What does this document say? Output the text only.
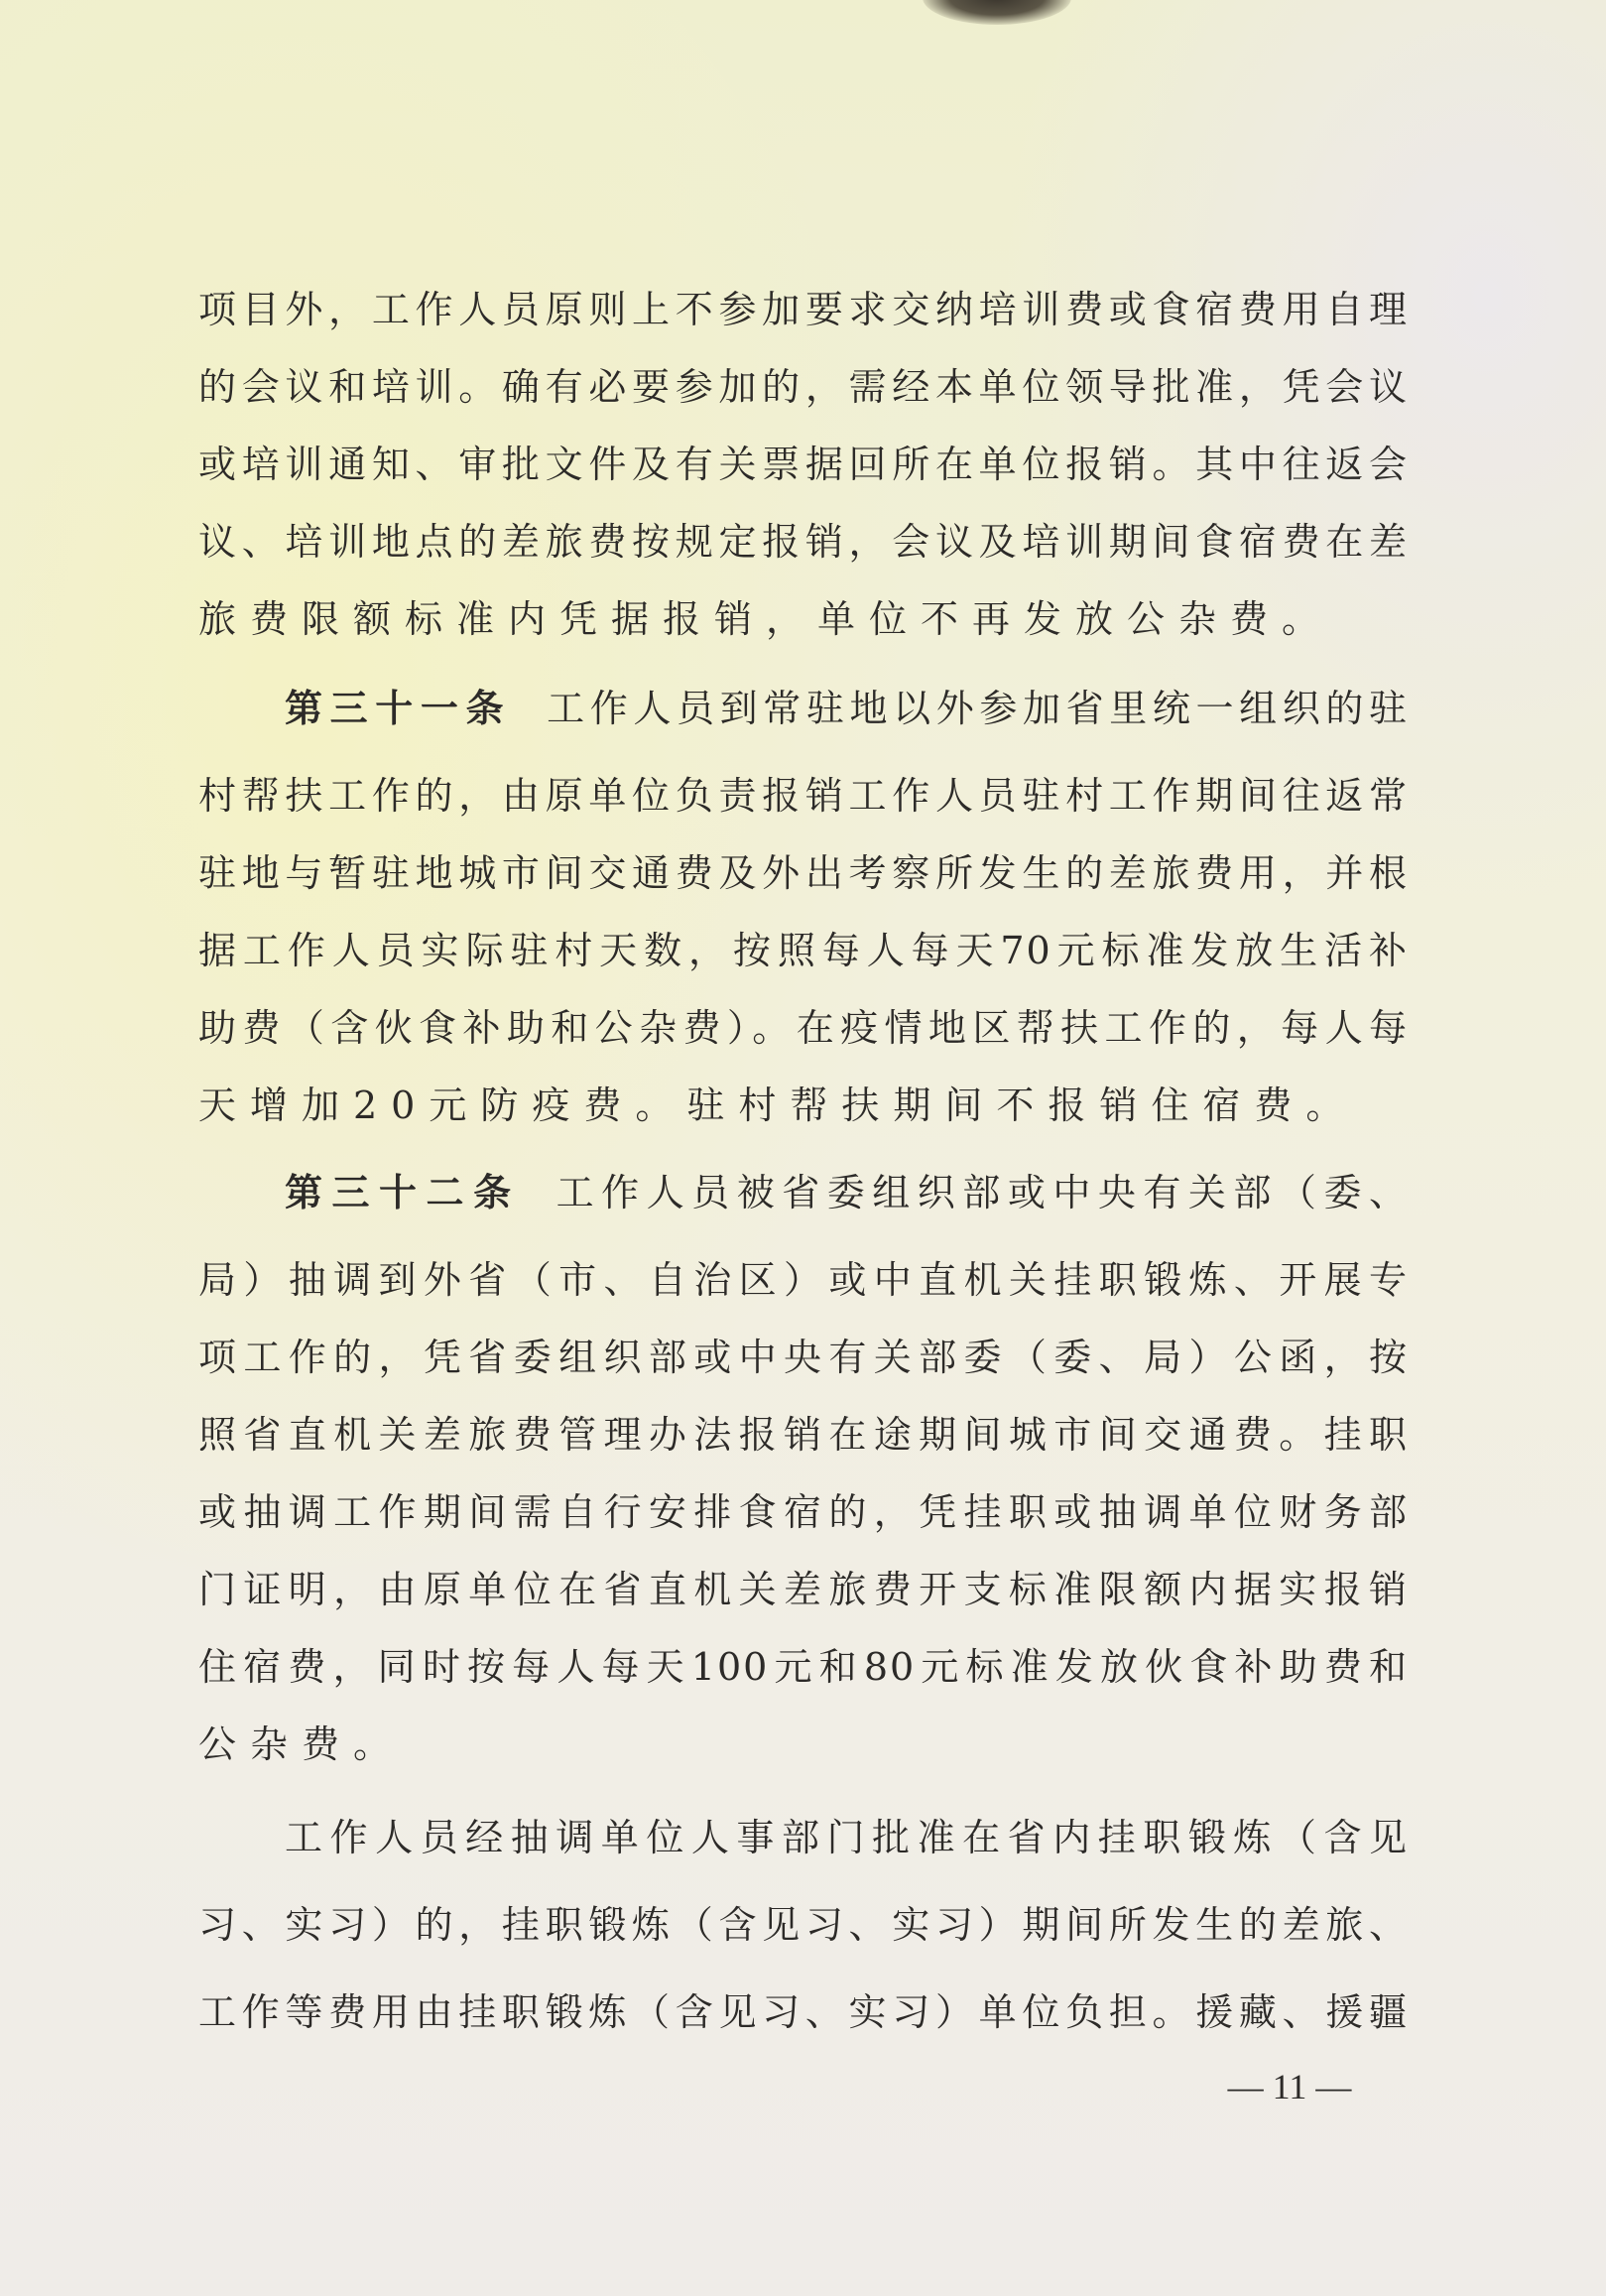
项目外，工作人员原则上不参加要求交纳培训费或食宿费用自理
的会议和培训。确有必要参加的，需经本单位领导批准，凭会议
或培训通知、审批文件及有关票据回所在单位报销。其中往返会
议、培训地点的差旅费按规定报销，会议及培训期间食宿费在差
旅费限额标准内凭据报销，单位不再发放公杂费。
第三十一条 工作人员到常驻地以外参加省里统一组织的驻
村帮扶工作的，由原单位负责报销工作人员驻村工作期间往返常
驻地与暂驻地城市间交通费及外出考察所发生的差旅费用，并根
据工作人员实际驻村天数，按照每人每天70元标准发放生活补
助费（含伙食补助和公杂费）。在疫情地区帮扶工作的，每人每
天增加20元防疫费。驻村帮扶期间不报销住宿费。
第三十二条 工作人员被省委组织部或中央有关部（委、
局）抽调到外省（市、自治区）或中直机关挂职锻炼、开展专
项工作的，凭省委组织部或中央有关部委（委、局）公函，按
照省直机关差旅费管理办法报销在途期间城市间交通费。挂职
或抽调工作期间需自行安排食宿的，凭挂职或抽调单位财务部
门证明，由原单位在省直机关差旅费开支标准限额内据实报销
住宿费，同时按每人每天100元和80元标准发放伙食补助费和
公杂费。
工作人员经抽调单位人事部门批准在省内挂职锻炼（含见
习、实习）的，挂职锻炼（含见习、实习）期间所发生的差旅、
工作等费用由挂职锻炼（含见习、实习）单位负担。援藏、援疆
— 11 —
